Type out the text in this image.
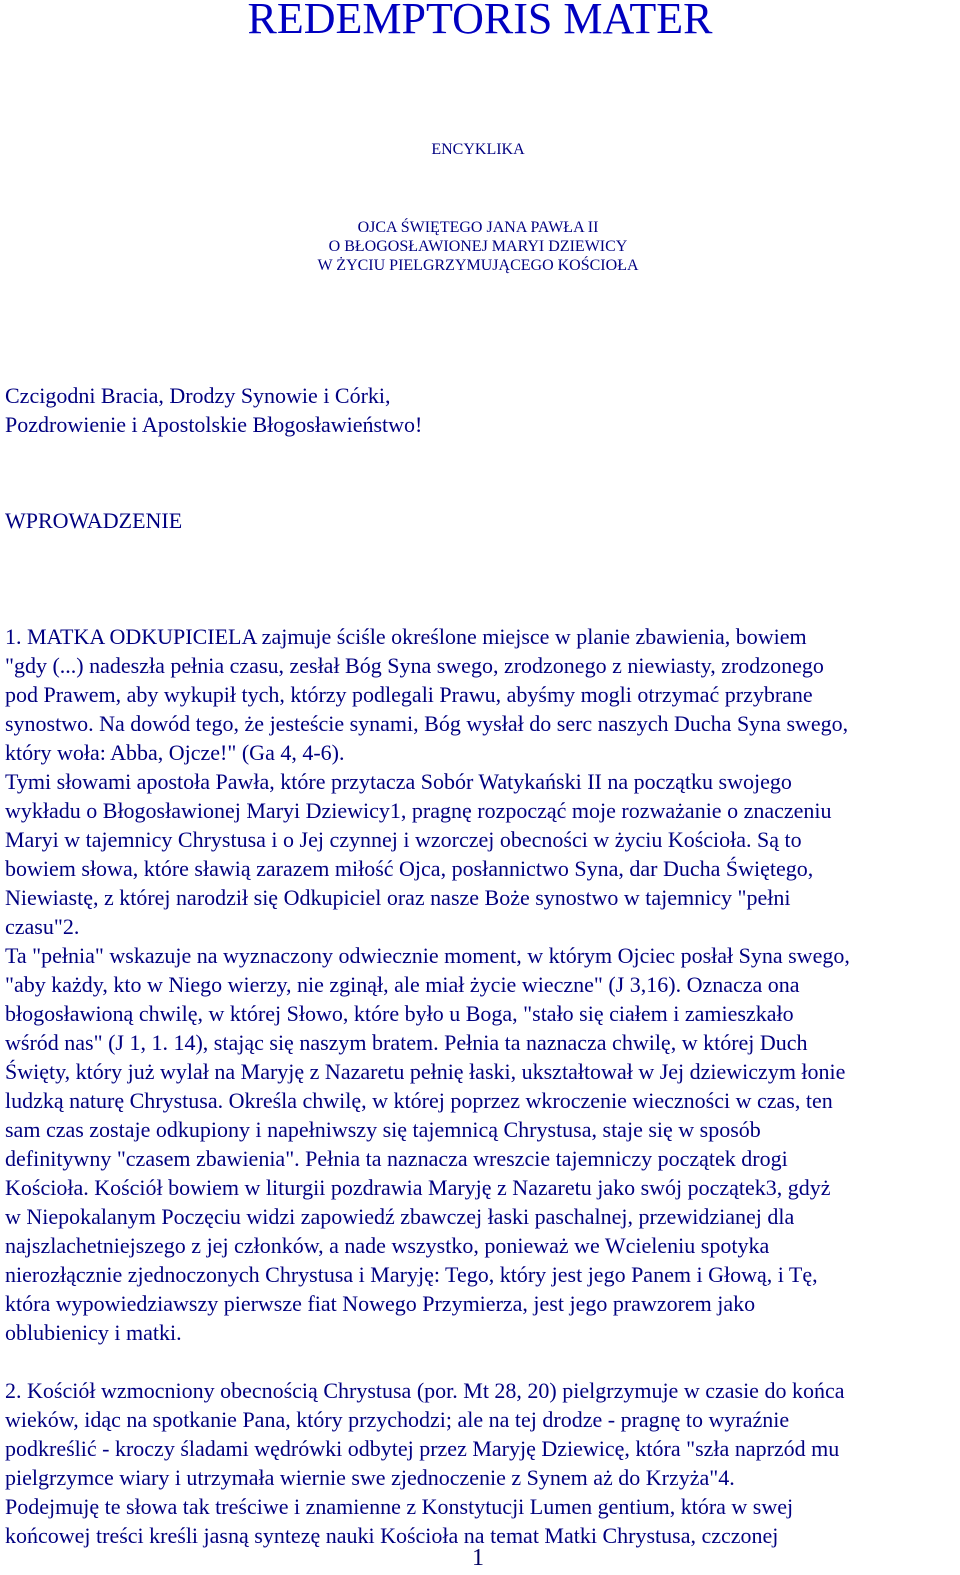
REDEMPTORIS MATER
ENCYKLIKA
OJCA ŚWIĘTEGO JANA PAWŁA II
O BŁOGOSŁAWIONEJ MARYI DZIEWICY
W ŻYCIU PIELGRZYMUJĄCEGO KOŚCIOŁA
Czcigodni Bracia, Drodzy Synowie i Córki,
Pozdrowienie i Apostolskie Błogosławieństwo!
WPROWADZENIE
1. MATKA ODKUPICIELA zajmuje ściśle określone miejsce w planie zbawienia, bowiem
"gdy (...) nadeszła pełnia czasu, zesłał Bóg Syna swego, zrodzonego z niewiasty, zrodzonego
pod Prawem, aby wykupił tych, którzy podlegali Prawu, abyśmy mogli otrzymać przybrane
synostwo. Na dowód tego, że jesteście synami, Bóg wysłał do serc naszych Ducha Syna swego,
który woła: Abba, Ojcze!" (Ga 4, 4-6).
Tymi słowami apostoła Pawła, które przytacza Sobór Watykański II na początku swojego
wykładu o Błogosławionej Maryi Dziewicy1, pragnę rozpocząć moje rozważanie o znaczeniu
Maryi w tajemnicy Chrystusa i o Jej czynnej i wzorczej obecności w życiu Kościoła. Są to
bowiem słowa, które sławią zarazem miłość Ojca, posłannictwo Syna, dar Ducha Świętego,
Niewiastę, z której narodził się Odkupiciel oraz nasze Boże synostwo w tajemnicy "pełni
czasu"2.
Ta "pełnia" wskazuje na wyznaczony odwiecznie moment, w którym Ojciec posłał Syna swego,
"aby każdy, kto w Niego wierzy, nie zginął, ale miał życie wieczne" (J 3,16). Oznacza ona
błogosławioną chwilę, w której Słowo, które było u Boga, "stało się ciałem i zamieszkało
wśród nas" (J 1, 1. 14), stając się naszym bratem. Pełnia ta naznacza chwilę, w której Duch
Święty, który już wylał na Maryję z Nazaretu pełnię łaski, ukształtował w Jej dziewiczym łonie
ludzką naturę Chrystusa. Określa chwilę, w której poprzez wkroczenie wieczności w czas, ten
sam czas zostaje odkupiony i napełniwszy się tajemnicą Chrystusa, staje się w sposób
definitywny "czasem zbawienia". Pełnia ta naznacza wreszcie tajemniczy początek drogi
Kościoła. Kościół bowiem w liturgii pozdrawia Maryję z Nazaretu jako swój początek3, gdyż
w Niepokalanym Poczęciu widzi zapowiedź zbawczej łaski paschalnej, przewidzianej dla
najszlachetniejszego z jej członków, a nade wszystko, ponieważ we Wcieleniu spotyka
nierozłącznie zjednoczonych Chrystusa i Maryję: Tego, który jest jego Panem i Głową, i Tę,
która wypowiedziawszy pierwsze fiat Nowego Przymierza, jest jego prawzorem jako
oblubienicy i matki.
2. Kościół wzmocniony obecnością Chrystusa (por. Mt 28, 20) pielgrzymuje w czasie do końca
wieków, idąc na spotkanie Pana, który przychodzi; ale na tej drodze - pragnę to wyraźnie
podkreślić - kroczy śladami wędrówki odbytej przez Maryję Dziewicę, która "szła naprzód mu
pielgrzymce wiary i utrzymała wiernie swe zjednoczenie z Synem aż do Krzyża"4.
Podejmuję te słowa tak treściwe i znamienne z Konstytucji Lumen gentium, która w swej
końcowej treści kreśli jasną syntezę nauki Kościoła na temat Matki Chrystusa, czczonej
1
